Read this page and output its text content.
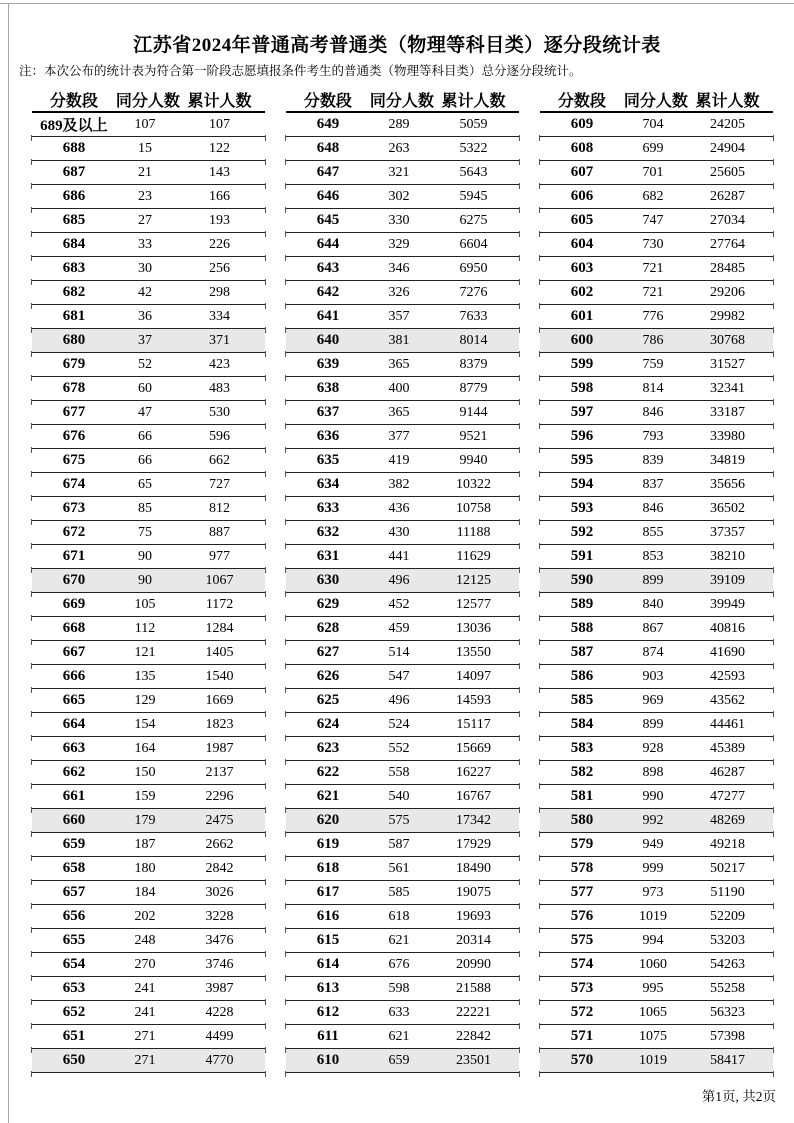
江苏省2024年普通高考普通类（物理等科目类）逐分段统计表
注：本次公布的统计表为符合第一阶段志愿填报条件考生的普通类（物理等科目类）总分逐分段统计。
分数段	同分人数 累计人数
689及以上	107	107
688	15	122
687	21	143
686	23	166
685	27	193
684	33	226
683	30	256
682	42	298
681	36	334
680	37	371
679	52	423
678	60	483
677	47	530
676	66	596
675	66	662
674	65	727
673	85	812
672	75	887
671	90	977
670	90	1067
669	105	1172
668	112	1284
667	121	1405
666	135	1540
665	129	1669
664	154	1823
663	164	1987
662	150	2137
661	159	2296
660	179	2475
659	187	2662
658	180	2842
657	184	3026
656	202	3228
655	248	3476
654	270	3746
653	241	3987
652	241	4228
651	271	4499
650	271	4770
分数段	同分人数 累计人数
649	289	5059
648	263	5322
647	321	5643
646	302	5945
645	330	6275
644	329	6604
643	346	6950
642	326	7276
641	357	7633
640	381	8014
639	365	8379
638	400	8779
637	365	9144
636	377	9521
635	419	9940
634	382	10322
633	436	10758
632	430	11188
631	441	11629
630	496	12125
629	452	12577
628	459	13036
627	514	13550
626	547	14097
625	496	14593
624	524	15117
623	552	15669
622	558	16227
621	540	16767
620	575	17342
619	587	17929
618	561	18490
617	585	19075
616	618	19693
615	621	20314
614	676	20990
613	598	21588
612	633	22221
611	621	22842
610	659	23501
分数段	同分人数 累计人数
609	704	24205
608	699	24904
607	701	25605
606	682	26287
605	747	27034
604	730	27764
603	721	28485
602	721	29206
601	776	29982
600	786	30768
599	759	31527
598	814	32341
597	846	33187
596	793	33980
595	839	34819
594	837	35656
593	846	36502
592	855	37357
591	853	38210
590	899	39109
589	840	39949
588	867	40816
587	874	41690
586	903	42593
585	969	43562
584	899	44461
583	928	45389
582	898	46287
581	990	47277
580	992	48269
579	949	49218
578	999	50217
577	973	51190
576	1019	52209
575	994	53203
574	1060	54263
573	995	55258
572	1065	56323
571	1075	57398
570	1019	58417
第1页, 共2页
